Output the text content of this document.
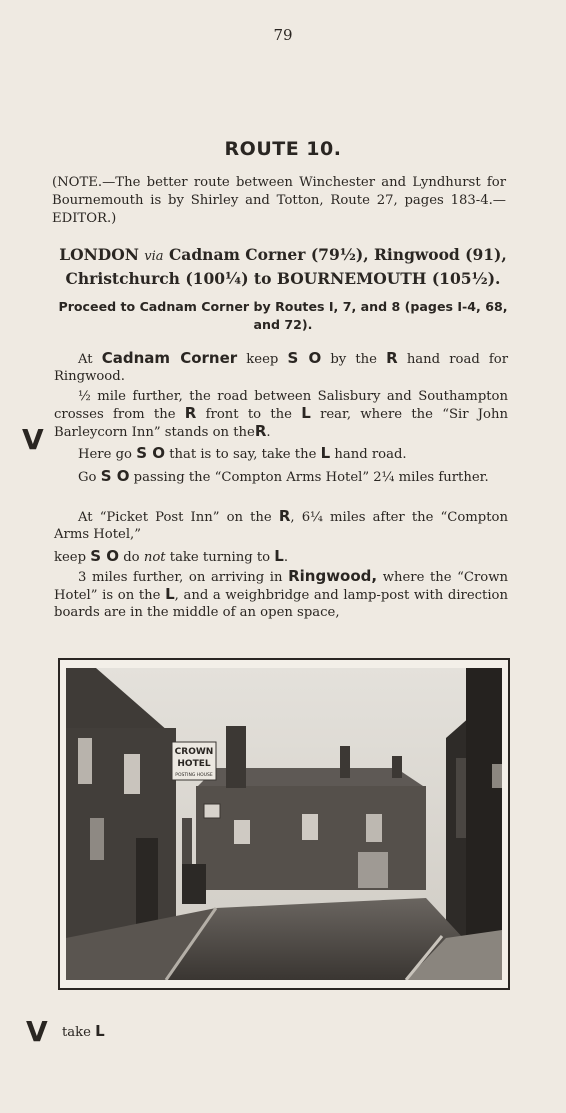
79
ROUTE 10.
(NOTE.—The better route between Winchester and Lyndhurst for Bournemouth is by Shirley and Totton, Route 27, pages 183-4.—EDITOR.)
LONDON via Cadnam Corner (79½), Ringwood (91),
Christchurch (100¼) to BOURNEMOUTH (105½).
Proceed to Cadnam Corner by Routes I, 7, and 8 (pages I-4, 68, and 72).
At Cadnam Corner keep S O by the R hand road for Ringwood.
½ mile further, the road between Salisbury and Southampton crosses from the R front to the L rear, where the “Sir John Barleycorn Inn” stands on theR.
V	Here go S O that is to say, take the L hand road.
Go S O passing the “Compton Arms Hotel” 2¼ miles further.
At “Picket Post Inn” on the R, 6¼ miles after the “Compton Arms Hotel,”
keep S O do not take turning to L.
3 miles further, on arriving in Ringwood, where the “Crown Hotel” is on the L, and a weighbridge and lamp-post with direction boards are in the middle of an open space,
CROWN
HOTEL
POSTING HOUSE
V take L
